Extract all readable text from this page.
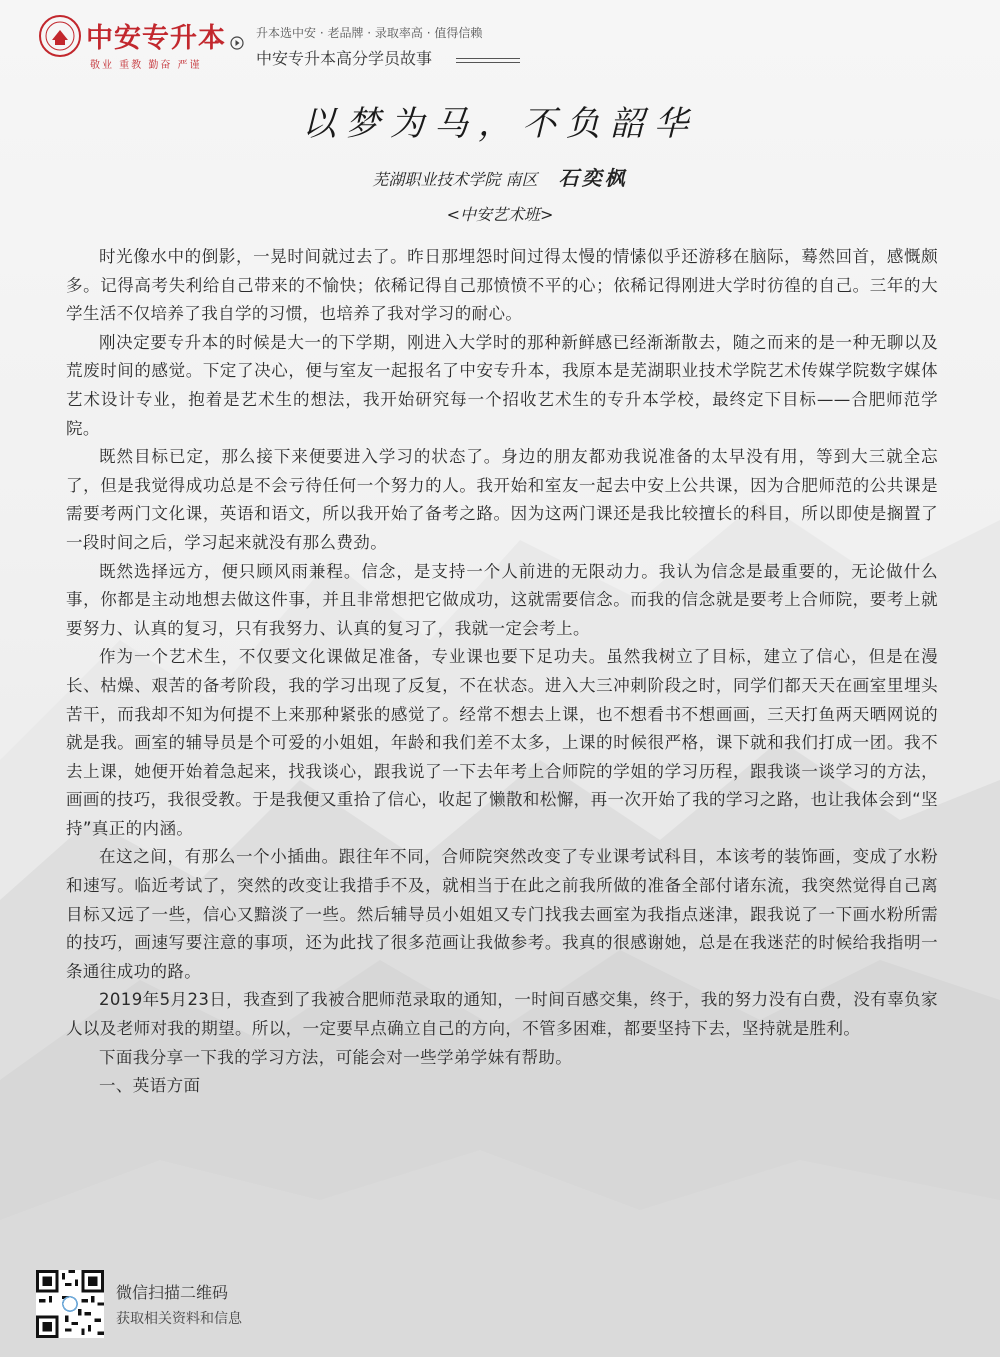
中安专升本
敬业 重教 勤奋 严谨
升本选中安 · 老品牌 · 录取率高 · 值得信赖
中安专升本高分学员故事
以梦为马，不负韶华
芜湖职业技术学院 南区 石奕枫
<中安艺术班>

时光像水中的倒影，一晃时间就过去了。昨日那埋怨时间过得太慢的情愫似乎还游移在脑际，蓦然回首，感慨颇多。记得高考失利给自己带来的不愉快；依稀记得自己那愤愤不平的心；依稀记得刚进大学时彷徨的自己。三年的大学生活不仅培养了我自学的习惯，也培养了我对学习的耐心。

刚决定要专升本的时候是大一的下学期，刚进入大学时的那种新鲜感已经渐渐散去，随之而来的是一种无聊以及荒废时间的感觉。下定了决心，便与室友一起报名了中安专升本，我原本是芜湖职业技术学院艺术传媒学院数字媒体艺术设计专业，抱着是艺术生的想法，我开始研究每一个招收艺术生的专升本学校，最终定下目标——合肥师范学院。

既然目标已定，那么接下来便要进入学习的状态了。身边的朋友都劝我说准备的太早没有用，等到大三就全忘了，但是我觉得成功总是不会亏待任何一个努力的人。我开始和室友一起去中安上公共课，因为合肥师范的公共课是需要考两门文化课，英语和语文，所以我开始了备考之路。因为这两门课还是我比较擅长的科目，所以即使是搁置了一段时间之后，学习起来就没有那么费劲。

既然选择远方，便只顾风雨兼程。信念，是支持一个人前进的无限动力。我认为信念是最重要的，无论做什么事，你都是主动地想去做这件事，并且非常想把它做成功，这就需要信念。而我的信念就是要考上合师院，要考上就要努力、认真的复习，只有我努力、认真的复习了，我就一定会考上。

作为一个艺术生，不仅要文化课做足准备，专业课也要下足功夫。虽然我树立了目标，建立了信心，但是在漫长、枯燥、艰苦的备考阶段，我的学习出现了反复，不在状态。进入大三冲刺阶段之时，同学们都天天在画室里埋头苦干，而我却不知为何提不上来那种紧张的感觉了。经常不想去上课，也不想看书不想画画，三天打鱼两天晒网说的就是我。画室的辅导员是个可爱的小姐姐，年龄和我们差不太多，上课的时候很严格，课下就和我们打成一团。我不去上课，她便开始着急起来，找我谈心，跟我说了一下去年考上合师院的学姐的学习历程，跟我谈一谈学习的方法，画画的技巧，我很受教。于是我便又重拾了信心，收起了懒散和松懈，再一次开始了我的学习之路，也让我体会到“坚持”真正的内涵。

在这之间，有那么一个小插曲。跟往年不同，合师院突然改变了专业课考试科目，本该考的装饰画，变成了水粉和速写。临近考试了，突然的改变让我措手不及，就相当于在此之前我所做的准备全部付诸东流，我突然觉得自己离目标又远了一些，信心又黯淡了一些。然后辅导员小姐姐又专门找我去画室为我指点迷津，跟我说了一下画水粉所需的技巧，画速写要注意的事项，还为此找了很多范画让我做参考。我真的很感谢她，总是在我迷茫的时候给我指明一条通往成功的路。

2019年5月23日，我查到了我被合肥师范录取的通知，一时间百感交集，终于，我的努力没有白费，没有辜负家人以及老师对我的期望。所以，一定要早点确立自己的方向，不管多困难，都要坚持下去，坚持就是胜利。

下面我分享一下我的学习方法，可能会对一些学弟学妹有帮助。

一、英语方面

微信扫描二维码
获取相关资料和信息
